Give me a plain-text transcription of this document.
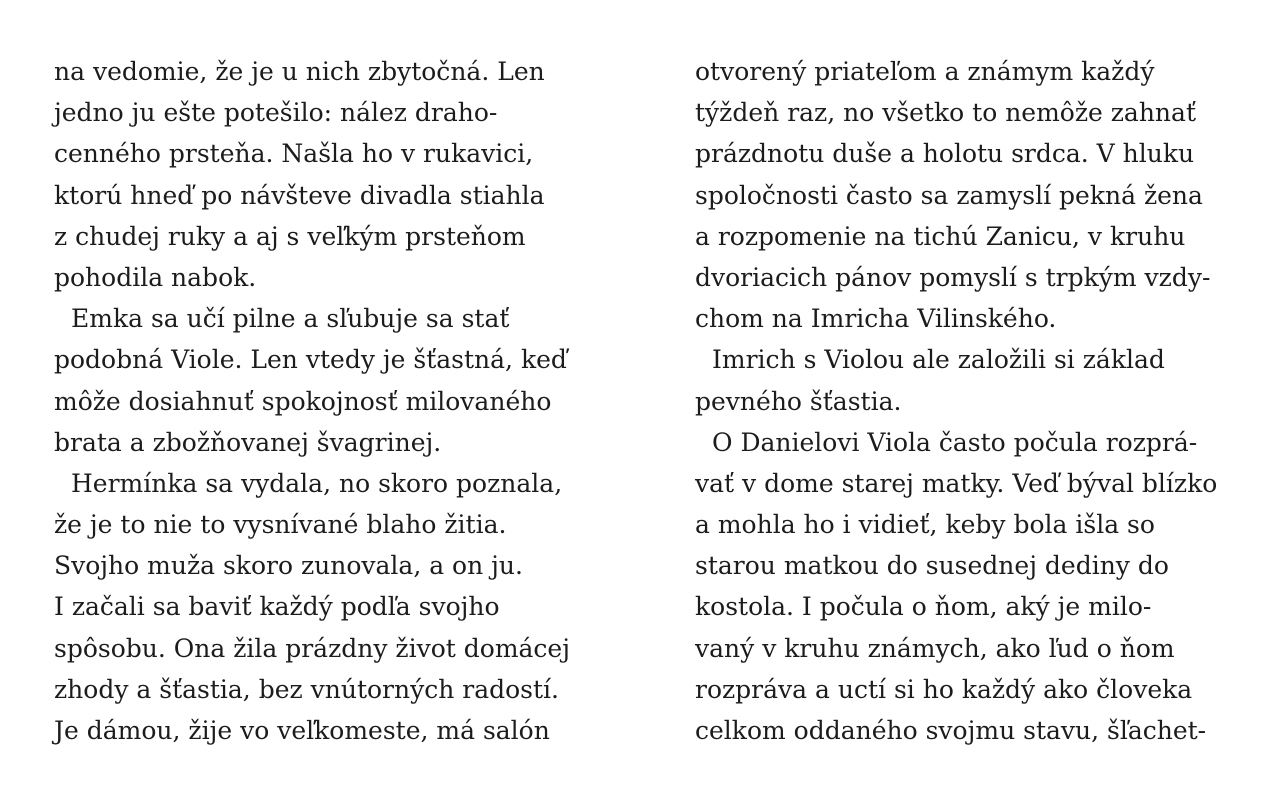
na vedomie, že je u nich zbytočná. Len
jedno ju ešte potešilo: nález draho-
cenného prsteňa. Našla ho v rukavici,
ktorú hneď po návšteve divadla stiahla
z chudej ruky a aj s veľkým prsteňom
pohodila nabok.
Emka sa učí pilne a sľubuje sa stať
podobná Viole. Len vtedy je šťastná, keď
môže dosiahnuť spokojnosť milovaného
brata a zbožňovanej švagrinej.
Hermínka sa vydala, no skoro poznala,
že je to nie to vysnívané blaho žitia.
Svojho muža skoro zunovala, a on ju.
I začali sa baviť každý podľa svojho
spôsobu. Ona žila prázdny život domácej
zhody a šťastia, bez vnútorných radostí.
Je dámou, žije vo veľkomeste, má salón
otvorený priateľom a známym každý
týždeň raz, no všetko to nemôže zahnať
prázdnotu duše a holotu srdca. V hluku
spoločnosti často sa zamyslí pekná žena
a rozpomenie na tichú Zanicu, v kruhu
dvoriacich pánov pomyslí s trpkým vzdy-
chom na Imricha Vilinského.
Imrich s Violou ale založili si základ
pevného šťastia.
O Danielovi Viola často počula rozprá-
vať v dome starej matky. Veď býval blízko
a mohla ho i vidieť, keby bola išla so
starou matkou do susednej dediny do
kostola. I počula o ňom, aký je milo-
vaný v kruhu známych, ako ľud o ňom
rozpráva a uctí si ho každý ako človeka
celkom oddaného svojmu stavu, šľachet-
